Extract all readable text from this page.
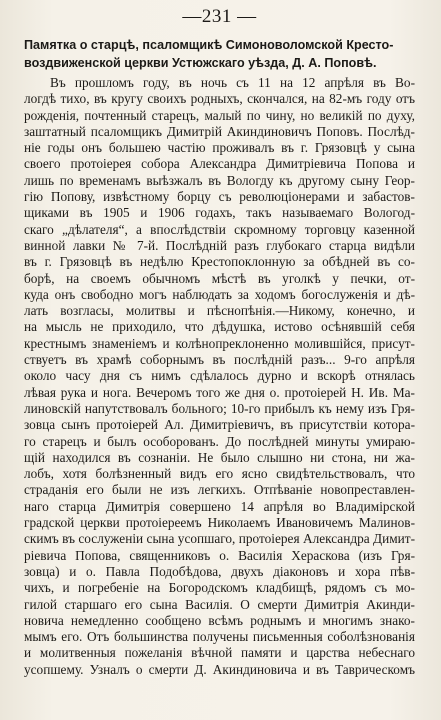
—231 —
Памятка о старцѣ, псаломщикѣ Симоноволомской Кресто-
воздвиженской церкви Устюжскаго уѣзда, Д. А. Поповѣ.
Въ прошломъ году, въ ночь съ 11 на 12 апрѣля въ Во-
логдѣ тихо, въ кругу своихъ родныхъ, скончался, на 82-мъ году отъ
рожденія, почтенный старецъ, малый по чину, но великій по духу,
заштатный псаломщикъ Димитрій Акиндиновичъ Поповъ. Послѣд-
ніе годы онъ большею частію проживалъ въ г. Грязовцѣ у сына
своего протоіерея собора Александра Димитріевича Попова и
лишь по временамъ выѣзжалъ въ Вологду къ другому сыну Геор-
гію Попову, извѣстному борцу съ революціонерами и забастов-
щиками въ 1905 и 1906 годахъ, такъ называемаго Вологод-
скаго „дѣлателя“, а впослѣдствіи скромному торговцу казенной
винной лавки № 7-й. Послѣдній разъ глубокаго старца видѣли
въ г. Грязовцѣ въ недѣлю Крестопоклонную за обѣдней въ со-
борѣ, на своемъ обычномъ мѣстѣ въ уголкѣ у печки, от-
куда онъ свободно могъ наблюдать за ходомъ богослуженія и дѣ-
лать возгласы, молитвы и пѣснопѣнія.—Никому, конечно, и
на мысль не приходило, что дѣдушка, истово осѣнявшій себя
крестнымъ знаменіемъ и колѣнопреклоненно молившійся, присут-
ствуетъ въ храмѣ соборнымъ въ послѣдній разъ... 9-го апрѣля
около часу дня съ нимъ сдѣлалось дурно и вскорѣ отнялась
лѣвая рука и нога. Вечеромъ того же дня о. протоіерей Н. Ив. Ма-
линовскій напутствовалъ больного; 10-го прибылъ къ нему изъ Гря-
зовца сынъ протоіерей Ал. Димитріевичъ, въ присутствіи котора-
го старецъ и былъ особорованъ. До послѣдней минуты умираю-
щій находился въ сознаніи. Не было слышно ни стона, ни жа-
лобъ, хотя болѣзненный видъ его ясно свидѣтельствовалъ, что
страданія его были не изъ легкихъ. Отпѣваніе новопреставлен-
наго старца Димитрія совершено 14 апрѣля во Владимірской
градской церкви протоіереемъ Николаемъ Ивановичемъ Малинов-
скимъ въ сослуженіи сына усопшаго, протоіерея Александра Димит-
ріевича Попова, священниковъ о. Василія Хераскова (изъ Гря-
зовца) и о. Павла Подобѣдова, двухъ діаконовъ и хора пѣв-
чихъ, и погребеніе на Богородскомъ кладбищѣ, рядомъ съ мо-
гилой старшаго его сына Василія. О смерти Димитрія Акинди-
новича немедленно сообщено всѣмъ роднымъ и многимъ знако-
мымъ его. Отъ большинства получены письменныя соболѣзнованія
и молитвенныя пожеланія вѣчной памяти и царства небеснаго
усопшему. Узналъ о смерти Д. Акиндиновича и въ Таврическомъ
